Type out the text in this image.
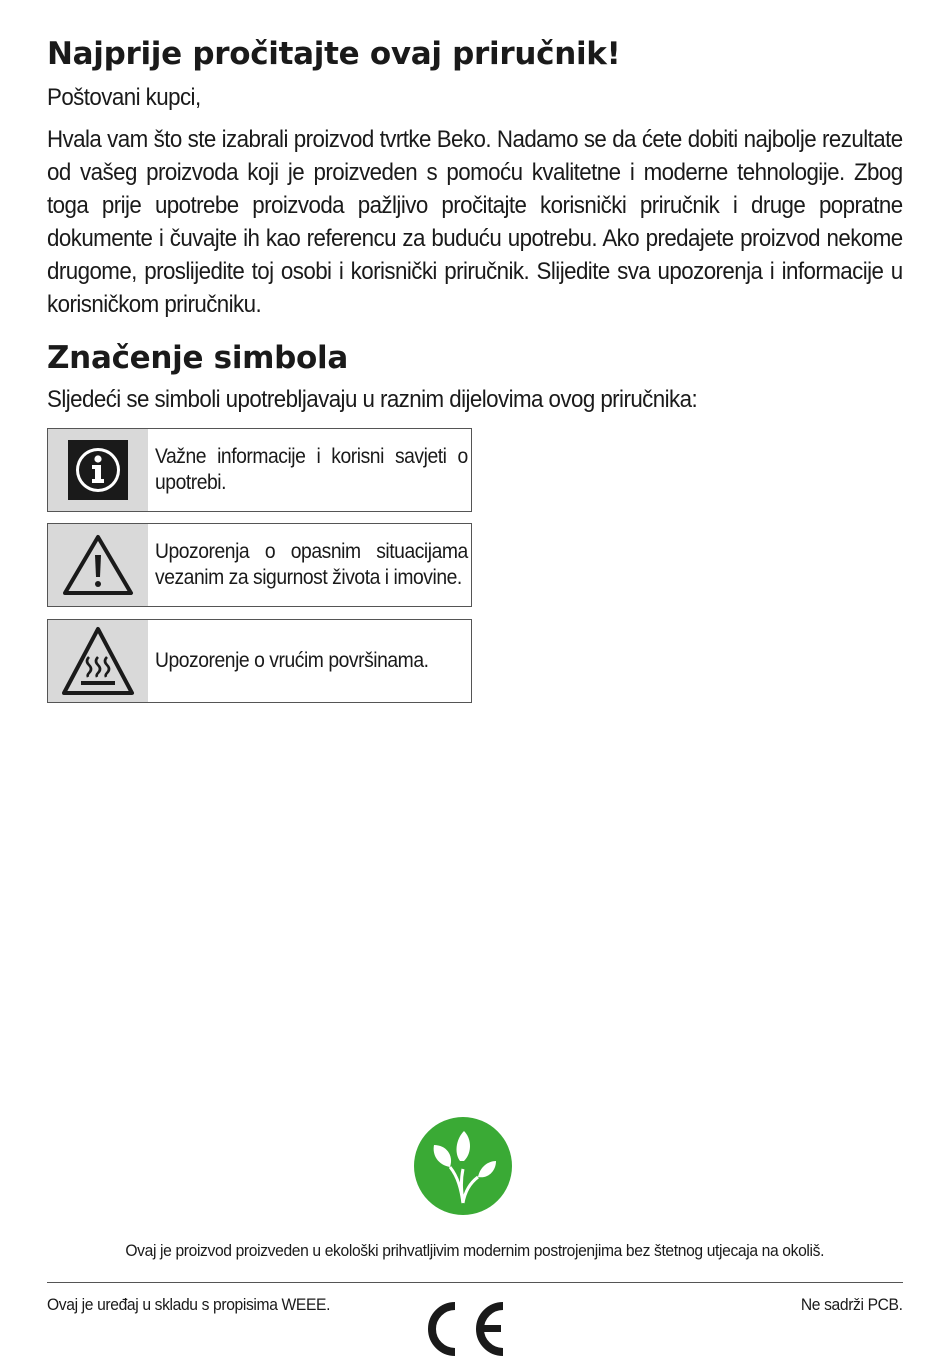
Najprije pročitajte ovaj priručnik!

Poštovani kupci,

Hvala vam što ste izabrali proizvod tvrtke Beko. Nadamo se da ćete dobiti najbolje rezultate od vašeg proizvoda koji je proizveden s pomoću kvalitetne i moderne tehnologije. Zbog toga prije upotrebe proizvoda pažljivo pročitajte korisnički priručnik i druge popratne dokumente i čuvajte ih kao referencu za buduću upotrebu. Ako predajete proizvod nekome drugome, proslijedite toj osobi i korisnički priručnik. Slijedite sva upozorenja i informacije u korisničkom priručniku.

Značenje simbola

Sljedeći se simboli upotrebljavaju u raznim dijelovima ovog priručnika:

Važne informacije i korisni savjeti o upotrebi.
Upozorenja o opasnim situacijama vezanim za sigurnost života i imovine.
Upozorenje o vrućim površinama.

Ovaj je proizvod proizveden u ekološki prihvatljivim modernim postrojenjima bez štetnog utjecaja na okoliš.

Ovaj je uređaj u skladu s propisima WEEE.	Ne sadrži PCB.
